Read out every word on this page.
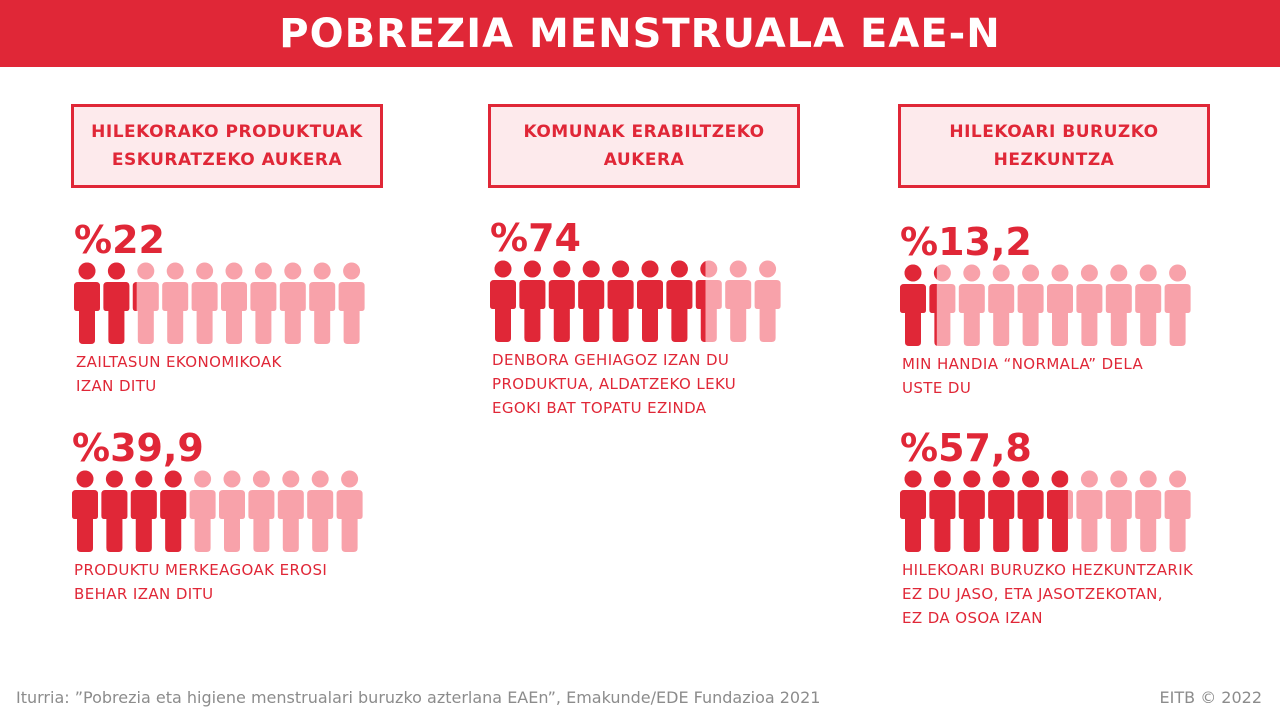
POBREZIA MENSTRUALA EAE-N
HILEKORAKO PRODUKTUAK
ESKURATZEKO AUKERA
%22
ZAILTASUN EKONOMIKOAK
IZAN DITU
%39,9
PRODUKTU MERKEAGOAK EROSI
BEHAR IZAN DITU
KOMUNAK ERABILTZEKO
AUKERA
%74
DENBORA GEHIAGOZ IZAN DU
PRODUKTUA, ALDATZEKO LEKU
EGOKI BAT TOPATU EZINDA
HILEKOARI BURUZKO
HEZKUNTZA
%13,2
MIN HANDIA “NORMALA” DELA
USTE DU
%57,8
HILEKOARI BURUZKO HEZKUNTZARIK
EZ DU JASO, ETA JASOTZEKOTAN,
EZ DA OSOA IZAN
Iturria: ”Pobrezia eta higiene menstrualari buruzko azterlana EAEn”, Emakunde/EDE Fundazioa 2021	EITB © 2022
